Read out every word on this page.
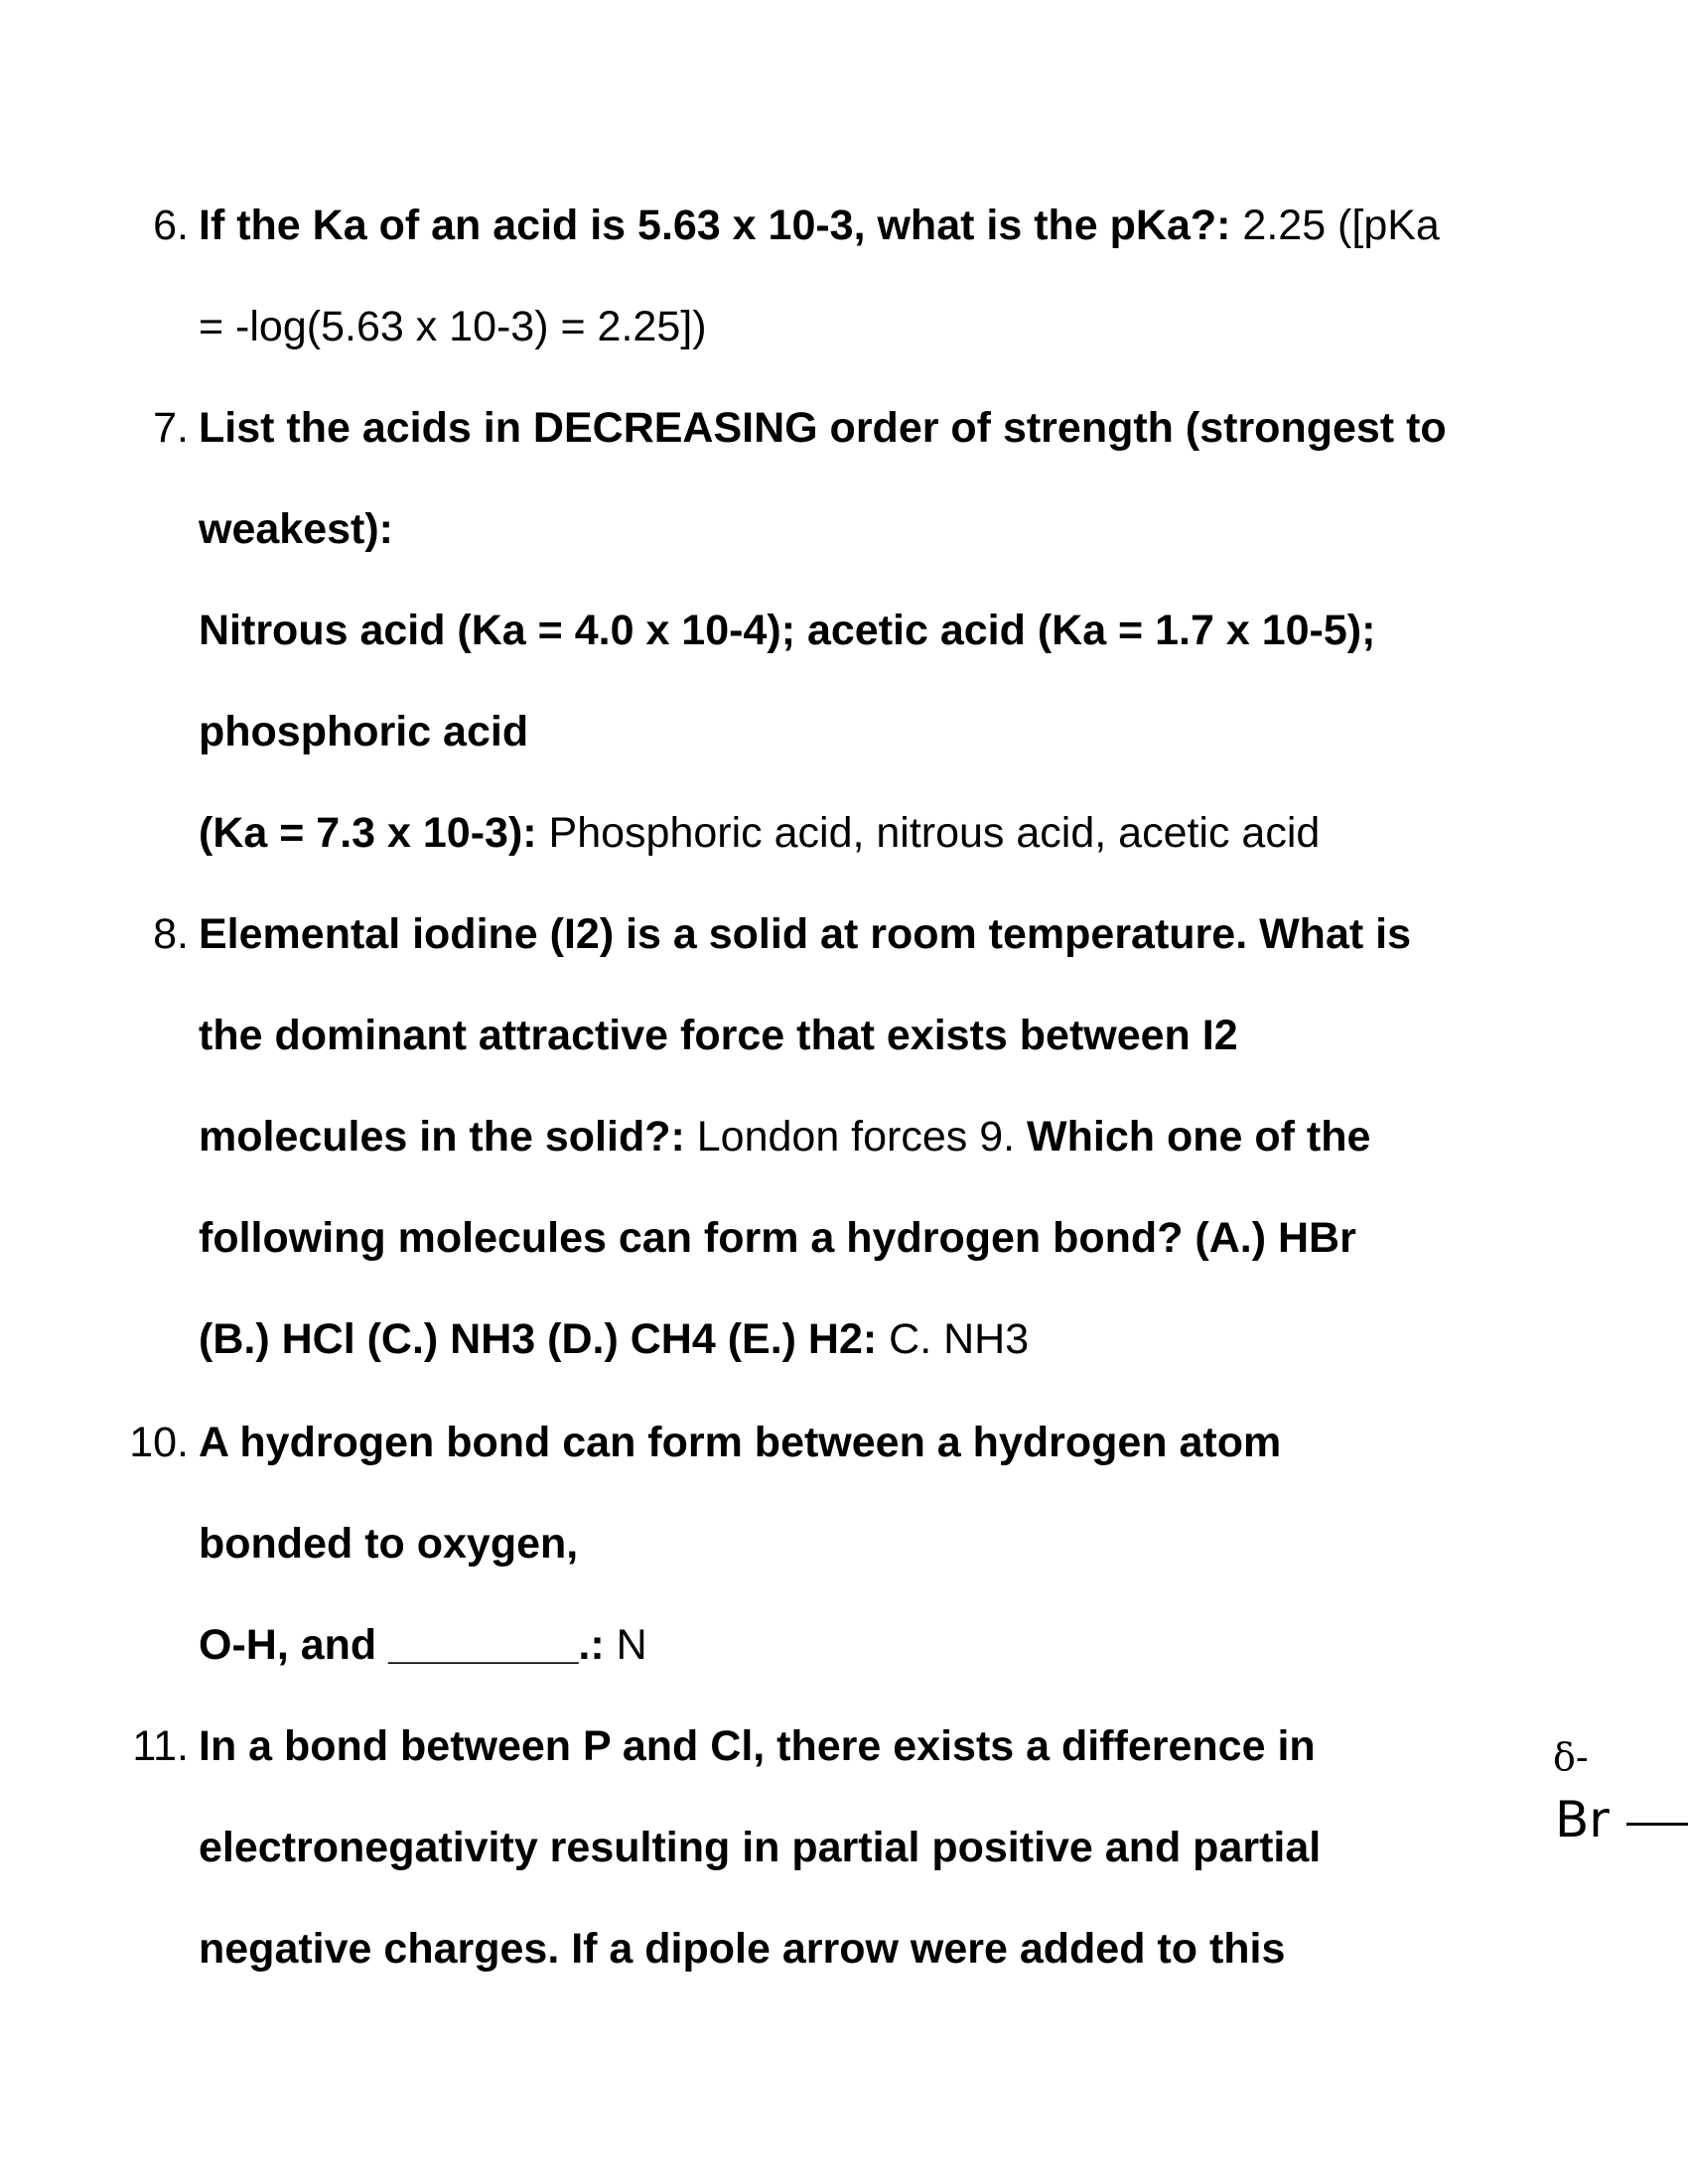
6. If the Ka of an acid is 5.63 x 10-3, what is the pKa?: 2.25 ([pKa
= -log(5.63 x 10-3) = 2.25])
7. List the acids in DECREASING order of strength (strongest to
weakest):
Nitrous acid (Ka = 4.0 x 10-4); acetic acid (Ka = 1.7 x 10-5);
phosphoric acid
(Ka = 7.3 x 10-3): Phosphoric acid, nitrous acid, acetic acid
8. Elemental iodine (I2) is a solid at room temperature. What is
the dominant attractive force that exists between I2
molecules in the solid?: London forces 9. Which one of the
following molecules can form a hydrogen bond? (A.) HBr
(B.) HCl (C.) NH3 (D.) CH4 (E.) H2: C. NH3
10. A hydrogen bond can form between a hydrogen atom
bonded to oxygen,
O-H, and ________.: N
11. In a bond between P and Cl, there exists a difference in
electronegativity resulting in partial positive and partial
negative charges. If a dipole arrow were added to this
δ-
Br
